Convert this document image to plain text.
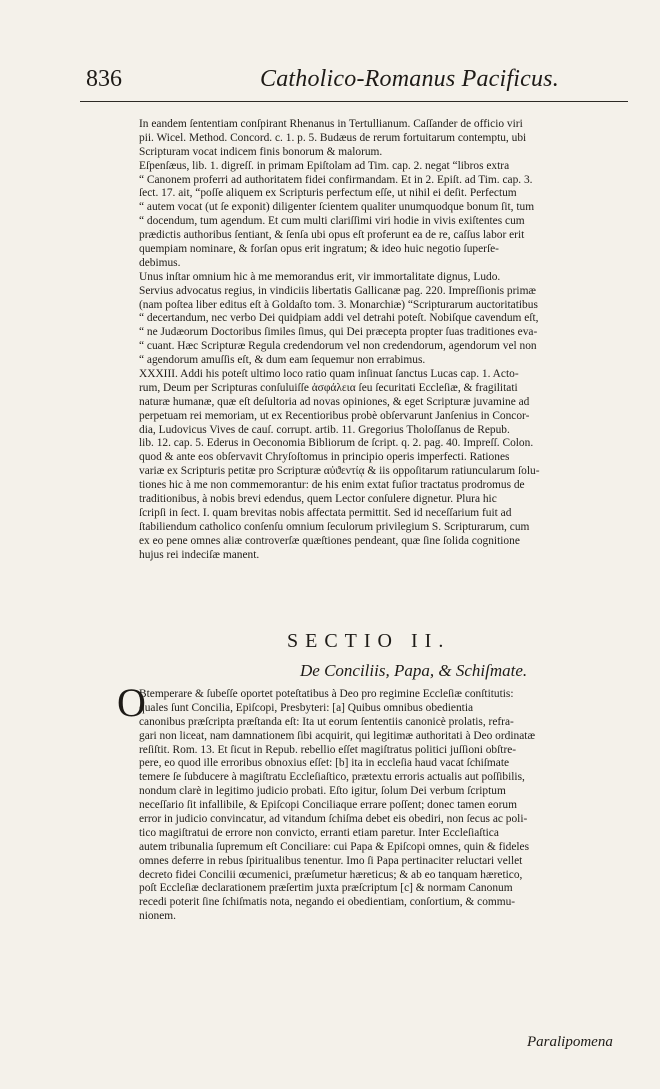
836	Catholico-Romanus Pacificus.
In eandem ſententiam conſpirant Rhenanus in Tertullianum. Caſſander de officio viri
pii. Wicel. Method. Concord. c. 1. p. 5. Budæus de rerum fortuitarum contemptu, ubi
Scripturam vocat indicem finis bonorum & malorum.
Eſpenſæus, lib. 1. digreſſ. in primam Epiſtolam ad Tim. cap. 2. negat “libros extra
“ Canonem proferri ad authoritatem fidei confirmandam. Et in 2. Epiſt. ad Tim. cap. 3.
ſect. 17. ait, “poſſe aliquem ex Scripturis perfectum eſſe, ut nihil ei deſit. Perfectum
“ autem vocat (ut ſe exponit) diligenter ſcientem qualiter unumquodque bonum ſit, tum
“ docendum, tum agendum. Et cum multi clariſſimi viri hodie in vivis exiſtentes cum
prædictis authoribus ſentiant, & ſenſa ubi opus eſt proferunt ea de re, caſſus labor erit
quempiam nominare, & forſan opus erit ingratum; & ideo huic negotio ſuperſe-
debimus.
Unus inſtar omnium hic à me memorandus erit, vir immortalitate dignus, Ludo.
Servius advocatus regius, in vindiciis libertatis Gallicanæ pag. 220. Impreſſionis primæ
(nam poſtea liber editus eſt à Goldaſto tom. 3. Monarchiæ) “Scripturarum auctoritatibus
“ decertandum, nec verbo Dei quidpiam addi vel detrahi poteſt. Nobiſque cavendum eſt,
“ ne Judæorum Doctoribus ſimiles ſimus, qui Dei præcepta propter ſuas traditiones eva-
“ cuant. Hæc Scripturæ Regula credendorum vel non credendorum, agendorum vel non
“ agendorum amuſſis eſt, & dum eam ſequemur non errabimus.
XXXIII. Addi his poteſt ultimo loco ratio quam inſinuat ſanctus Lucas cap. 1. Acto-
rum, Deum per Scripturas conſuluiſſe ἀσφάλεια ſeu ſecuritati Eccleſiæ, & fragilitati
naturæ humanæ, quæ eſt deſultoria ad novas opiniones, & eget Scripturæ juvamine ad
perpetuam rei memoriam, ut ex Recentioribus probè obſervarunt Janſenius in Concor-
dia, Ludovicus Vives de cauſ. corrupt. artib. 11. Gregorius Tholoſſanus de Repub.
lib. 12. cap. 5. Ederus in Oeconomia Bibliorum de ſcript. q. 2. pag. 40. Impreſſ. Colon.
quod & ante eos obſervavit Chryſoſtomus in principio operis imperfecti. Rationes
variæ ex Scripturis petitæ pro Scripturæ αὐϑεντίᾳ & iis oppoſitarum ratiuncularum ſolu-
tiones hic à me non commemorantur: de his enim extat fuſior tractatus prodromus de
traditionibus, à nobis brevi edendus, quem Lector conſulere dignetur. Plura hic
ſcripſi in ſect. I. quam brevitas nobis affectata permittit. Sed id neceſſarium fuit ad
ſtabiliendum catholico conſenſu omnium ſeculorum privilegium S. Scripturarum, cum
ex eo pene omnes aliæ controverſæ quæſtiones pendeant, quæ ſine ſolida cognitione
hujus rei indeciſæ manent.
SECTIO II.
De Conciliis, Papa, & Schiſmate.
O
Btemperare & ſubeſſe oportet poteſtatibus à Deo pro regimine Eccleſiæ conſtitutis:
quales ſunt Concilia, Epiſcopi, Presbyteri: [a] Quibus omnibus obedientia
canonibus præſcripta præſtanda eſt: Ita ut eorum ſententiis canonicè prolatis, refra-
gari non liceat, nam damnationem ſibi acquirit, qui legitimæ authoritati à Deo ordinatæ
reſiſtit. Rom. 13. Et ſicut in Repub. rebellio eſſet magiſtratus politici juſſioni obſtre-
pere, eo quod ille erroribus obnoxius eſſet: [b] ita in eccleſia haud vacat ſchiſmate
temere ſe ſubducere à magiſtratu Eccleſiaſtico, prætextu erroris actualis aut poſſibilis,
nondum clarè in legitimo judicio probati. Eſto igitur, ſolum Dei verbum ſcriptum
neceſſario ſit infallibile, & Epiſcopi Conciliaque errare poſſent; donec tamen eorum
error in judicio convincatur, ad vitandum ſchiſma debet eis obediri, non ſecus ac poli-
tico magiſtratui de errore non convicto, erranti etiam paretur. Inter Eccleſiaſtica
autem tribunalia ſupremum eſt Conciliare: cui Papa & Epiſcopi omnes, quin & fideles
omnes deferre in rebus ſpiritualibus tenentur. Imo ſi Papa pertinaciter reluctari vellet
decreto fidei Concilii œcumenici, præſumetur hæreticus; & ab eo tanquam hæretico,
poſt Eccleſiæ declarationem præſertim juxta præſcriptum [c] & normam Canonum
recedi poterit ſine ſchiſmatis nota, negando ei obedientiam, conſortium, & commu-
nionem.
Paralipomena
